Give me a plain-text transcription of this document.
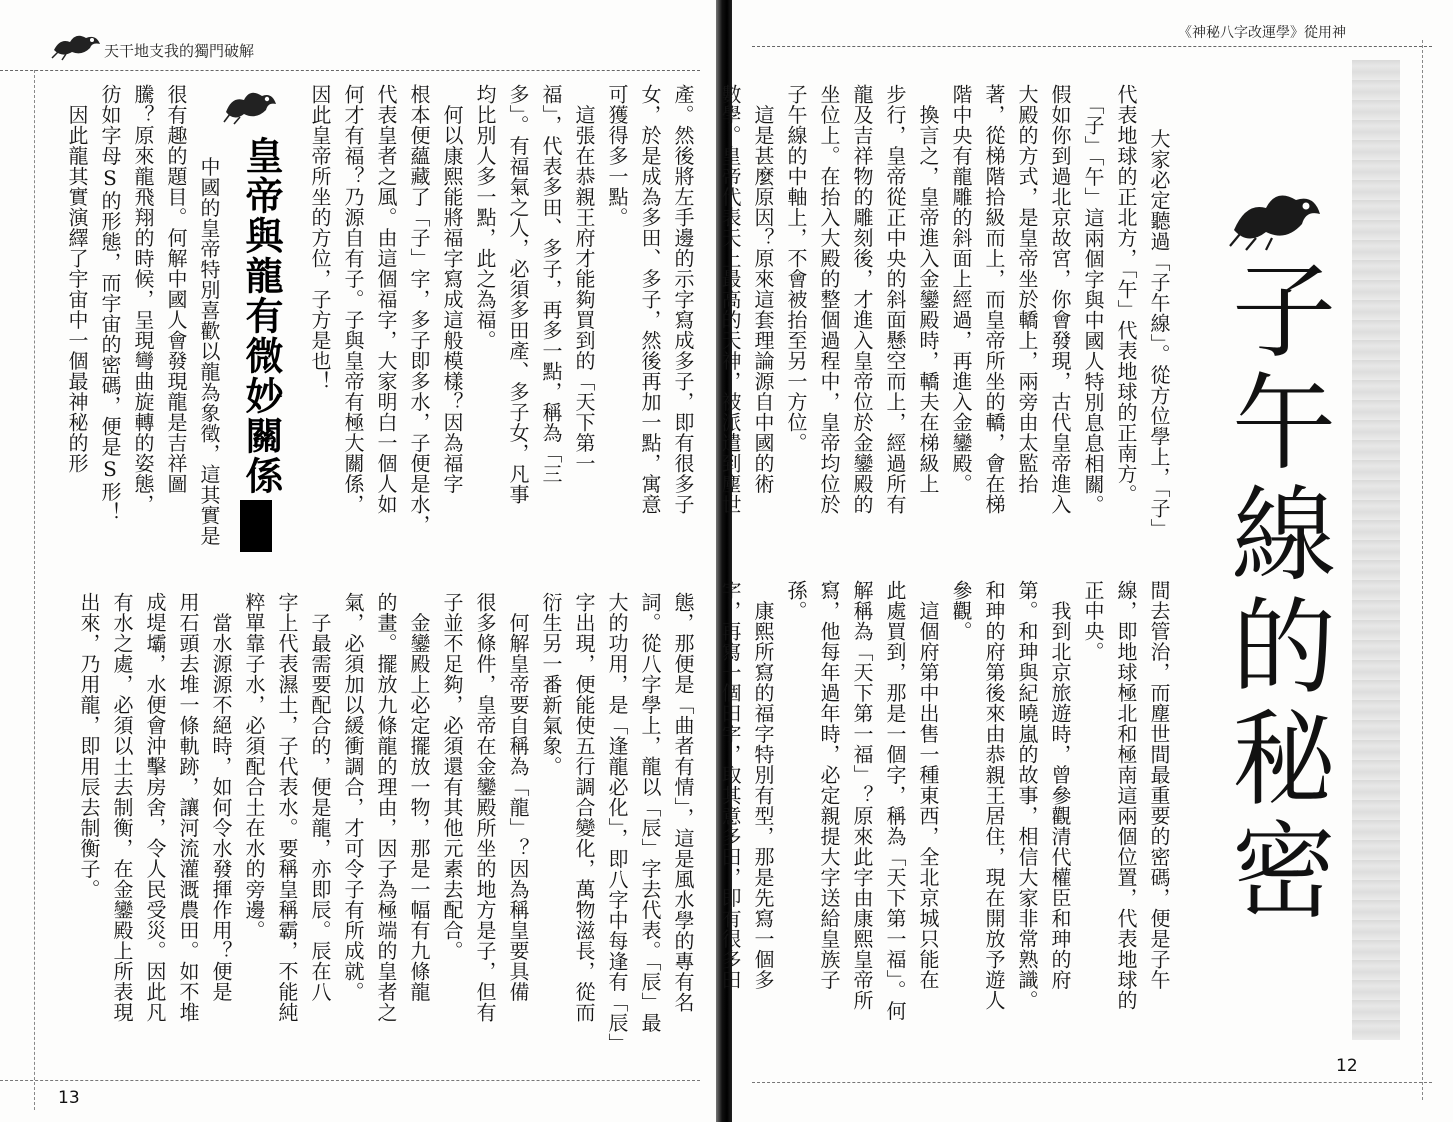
天干地支我的獨門破解
皇帝與龍有微妙關係	產。然後將左手邊的示字寫成多子，即有很多子
女，於是成為多田、多子，然後再加一點，寓意
可獲得多一點。
　這張在恭親王府才能夠買到的「天下第一
福」，代表多田、多子，再多一點，稱為「三
多」。有福氣之人，必須多田產、多子女，凡事
均比別人多一點，此之為福。
　何以康熙能將福字寫成這般模樣？因為福字
根本便蘊藏了「子」字，多子即多水，子便是水，
代表皇者之風。由這個福字，大家明白一個人如
何才有福？乃源自有子。子與皇帝有極大關係，
因此皇帝所坐的方位，子方是也！
　中國的皇帝特別喜歡以龍為象徵，這其實是
很有趣的題目。何解中國人會發現龍是吉祥圖
騰？原來龍飛翔的時候，呈現彎曲旋轉的姿態，
彷如字母S的形態，而宇宙的密碼，便是S形！
　因此龍其實演繹了宇宙中一個最神秘的形
態，那便是「曲者有情」，這是風水學的專有名
詞。從八字學上，龍以「辰」字去代表。「辰」最
大的功用，是「逢龍必化」，即八字中每逢有「辰」
字出現，便能使五行調合變化，萬物滋長，從而
衍生另一番新氣象。
　何解皇帝要自稱為「龍」？因為稱皇要具備
很多條件，皇帝在金鑾殿所坐的地方是子，但有
子並不足夠，必須還有其他元素去配合。
　金鑾殿上必定擺放一物，那是一幅有九條龍
的畫。擺放九條龍的理由，因子為極端的皇者之
氣，必須加以緩衝調合，才可令子有所成就。
　子最需要配合的，便是龍，亦即辰。辰在八
字上代表濕土，子代表水。要稱皇稱霸，不能純
粹單靠子水，必須配合土在水的旁邊。
　當水源源不絕時，如何令水發揮作用？便是
用石頭去堆一條軌跡，讓河流灌溉農田。如不堆
成堤壩，水便會沖擊房舍，令人民受災。因此凡
有水之處，必須以土去制衡，在金鑾殿上所表現
出來，乃用龍，即用辰去制衡子。
13
《神秘八字改運學》從用神
子午線的秘密
　大家必定聽過「子午線」。從方位學上，「子」
代表地球的正北方，「午」代表地球的正南方。
　「子」「午」這兩個字與中國人特別息息相關。
假如你到過北京故宮，你會發現，古代皇帝進入
大殿的方式，是皇帝坐於轎上，兩旁由太監抬
著，從梯階拾級而上，而皇帝所坐的轎，會在梯
階中央有龍雕的斜面上經過，再進入金鑾殿。
　換言之，皇帝進入金鑾殿時，轎夫在梯級上
步行，皇帝從正中央的斜面懸空而上，經過所有
龍及吉祥物的雕刻後，才進入皇帝位於金鑾殿的
坐位上。在抬入大殿的整個過程中，皇帝均位於
子午線的中軸上，不會被抬至另一方位。
　這是甚麼原因？原來這套理論源自中國的術
數學。皇帝代表天上最高的天神，被派遣到塵世
間去管治，而塵世間最重要的密碼，便是子午
線，即地球極北和極南這兩個位置，代表地球的
正中央。
　我到北京旅遊時，曾參觀清代權臣和珅的府
第。和珅與紀曉嵐的故事，相信大家非常熟識。
和珅的府第後來由恭親王居住，現在開放予遊人
參觀。
　這個府第中出售一種東西，全北京城只能在
此處買到，那是一個字，稱為「天下第一福」。何
解稱為「天下第一福」？原來此字由康熙皇帝所
寫，他每年過年時，必定親提大字送給皇族子
孫。
　康熙所寫的福字特別有型，那是先寫一個多
字，再寫一個田字，取其意多田，即有很多田
12
